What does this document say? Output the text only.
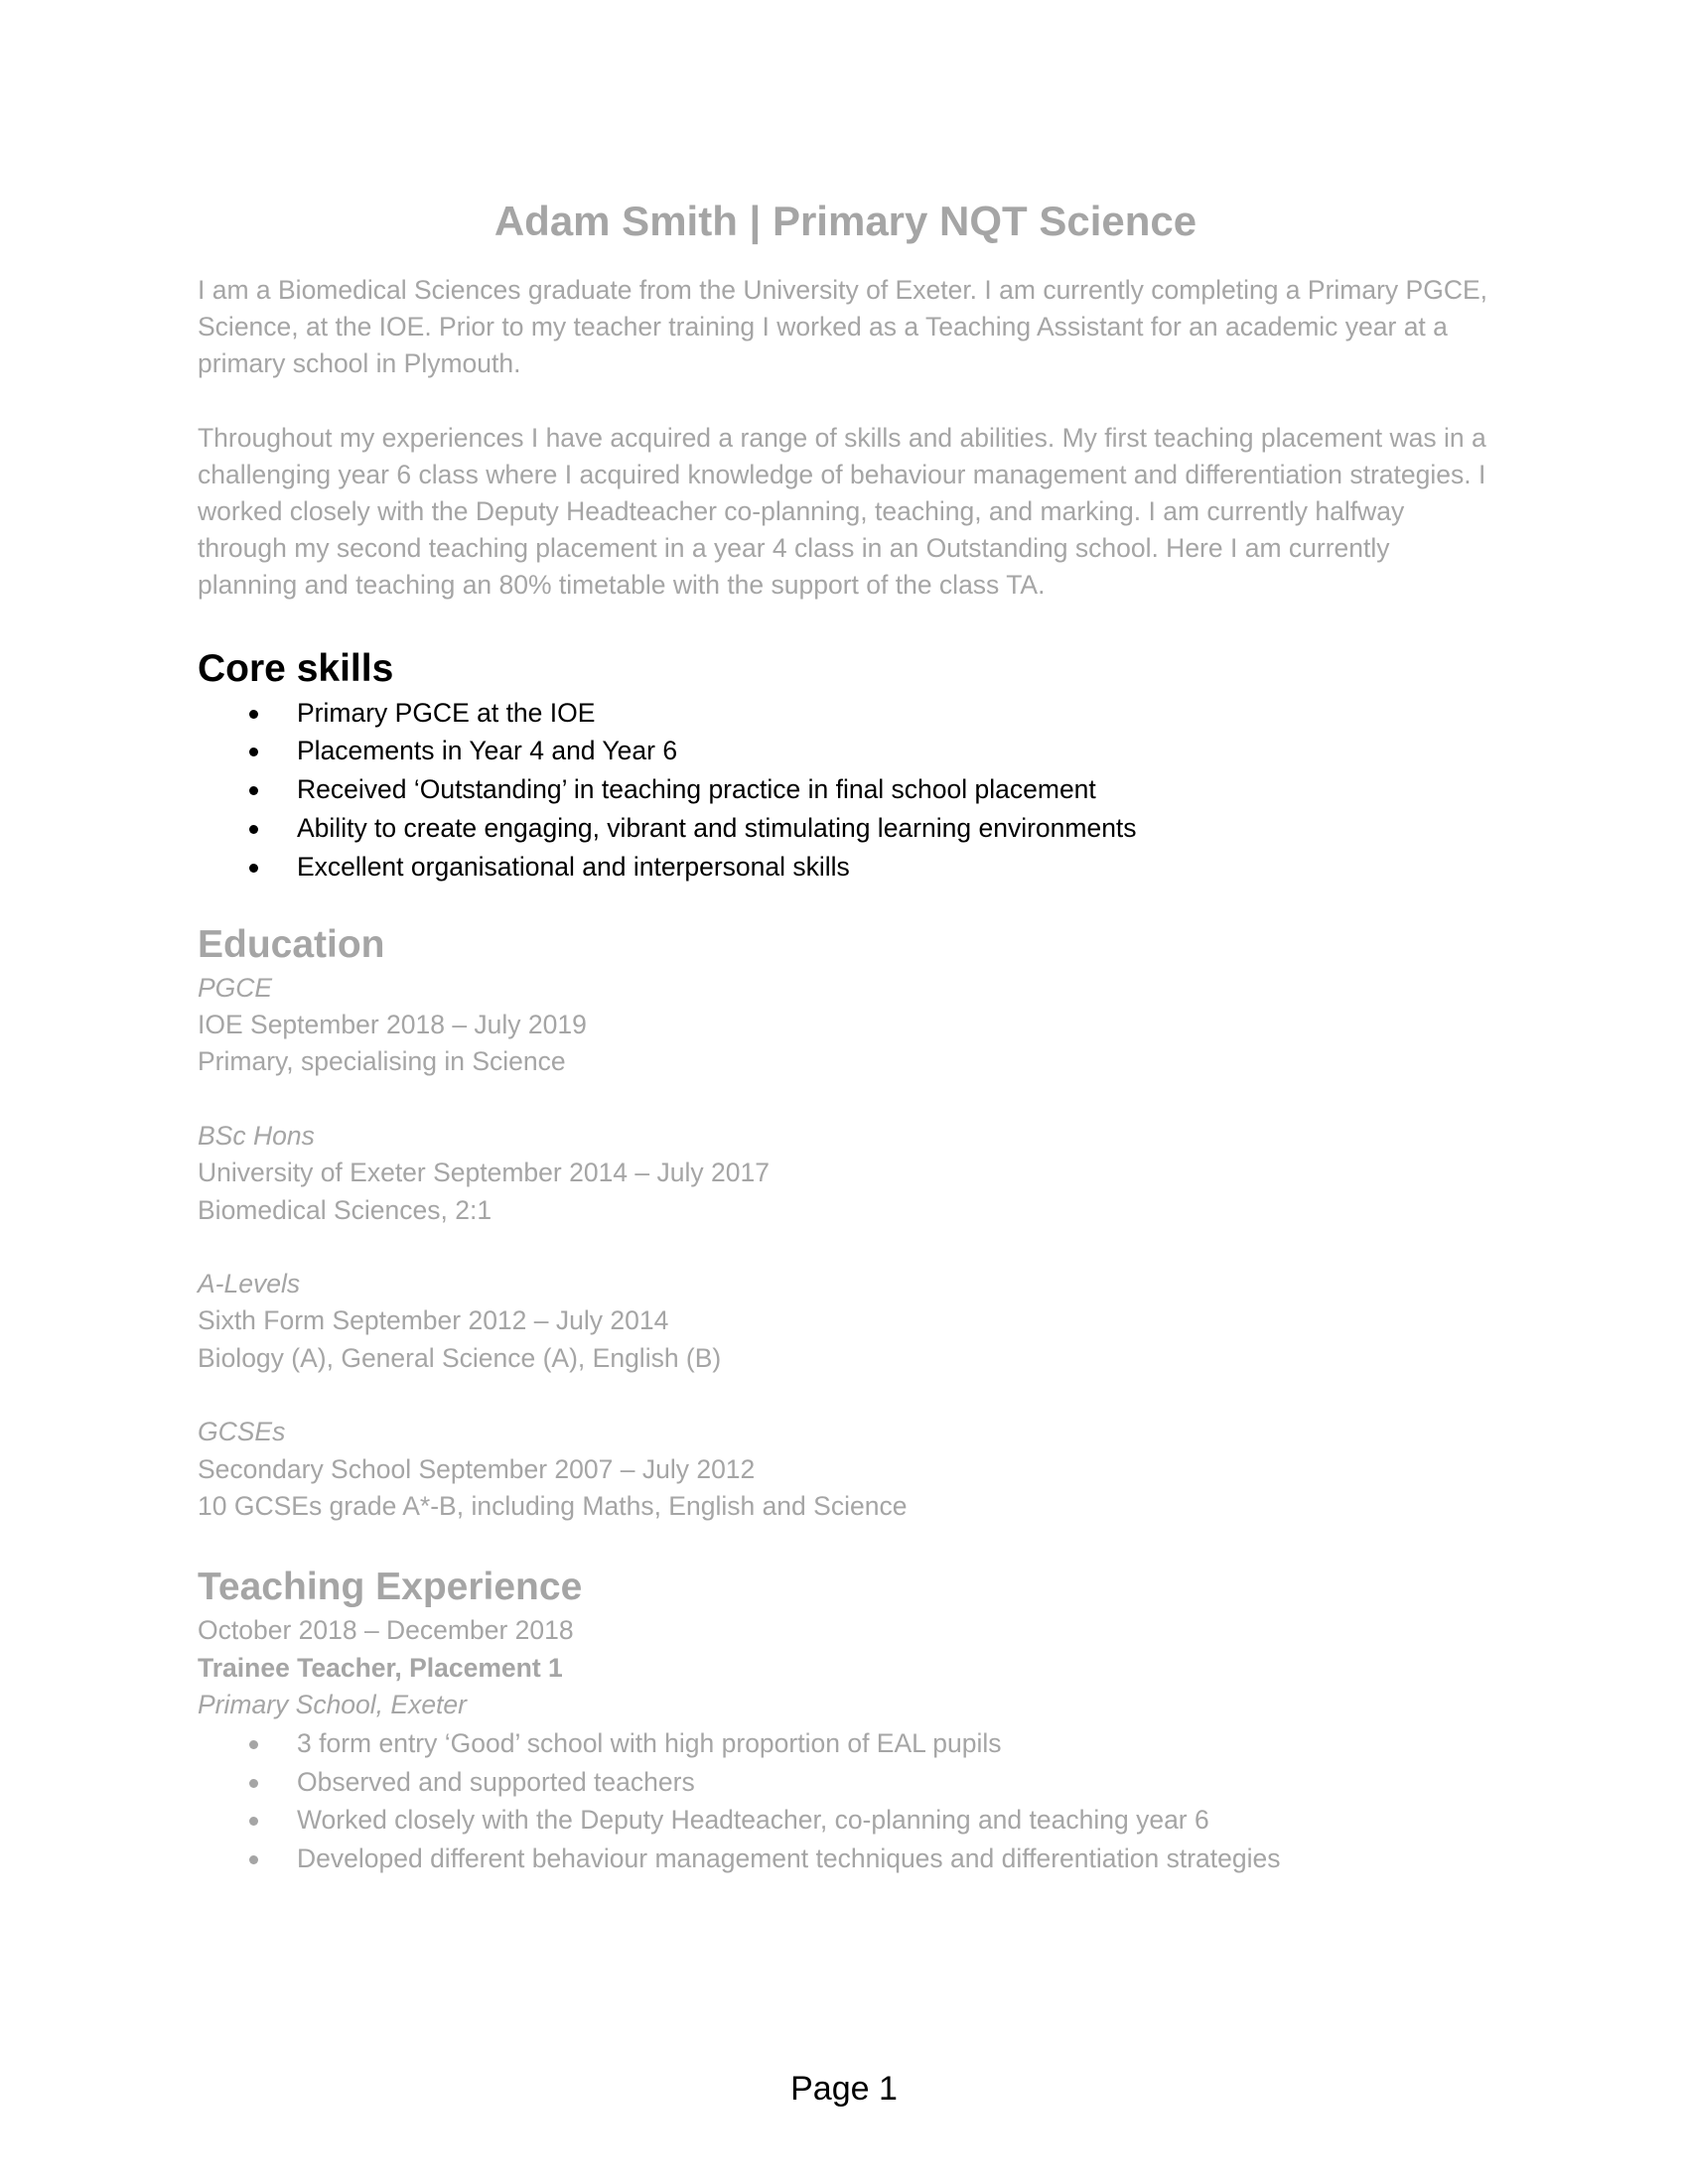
Adam Smith | Primary NQT Science

I am a Biomedical Sciences graduate from the University of Exeter. I am currently completing a Primary PGCE, Science, at the IOE. Prior to my teacher training I worked as a Teaching Assistant for an academic year at a primary school in Plymouth.

Throughout my experiences I have acquired a range of skills and abilities. My first teaching placement was in a challenging year 6 class where I acquired knowledge of behaviour management and differentiation strategies. I worked closely with the Deputy Headteacher co-planning, teaching, and marking. I am currently halfway through my second teaching placement in a year 4 class in an Outstanding school. Here I am currently planning and teaching an 80% timetable with the support of the class TA.

Core skills
Primary PGCE at the IOE
Placements in Year 4 and Year 6
Received ‘Outstanding’ in teaching practice in final school placement
Ability to create engaging, vibrant and stimulating learning environments
Excellent organisational and interpersonal skills
Education

PGCE

IOE September 2018 – July 2019

Primary, specialising in Science

BSc Hons

University of Exeter September 2014 – July 2017

Biomedical Sciences, 2:1

A-Levels

Sixth Form September 2012 – July 2014

Biology (A), General Science (A), English (B)

GCSEs

Secondary School September 2007 – July 2012

10 GCSEs grade A*-B, including Maths, English and Science

Teaching Experience

October 2018 – December 2018

Trainee Teacher, Placement 1

Primary School, Exeter

3 form entry ‘Good’ school with high proportion of EAL pupils
Observed and supported teachers
Worked closely with the Deputy Headteacher, co-planning and teaching year 6
Developed different behaviour management techniques and differentiation strategies
Page 1
